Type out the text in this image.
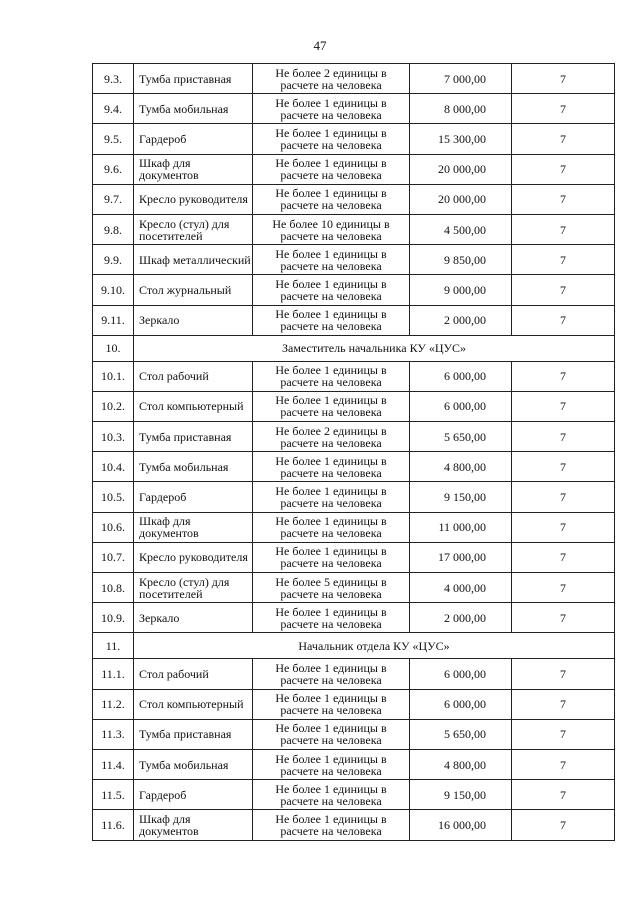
47
9.3.	Тумба приставная	Не более 2 единицы в расчете на человека	7 000,00	7
9.4.	Тумба мобильная	Не более 1 единицы в расчете на человека	8 000,00	7
9.5.	Гардероб	Не более 1 единицы в расчете на человека	15 300,00	7
9.6.	Шкаф для документов	Не более 1 единицы в расчете на человека	20 000,00	7
9.7.	Кресло руководителя	Не более 1 единицы в расчете на человека	20 000,00	7
9.8.	Кресло (стул) для посетителей	Не более 10 единицы в расчете на человека	4 500,00	7
9.9.	Шкаф металлический	Не более 1 единицы в расчете на человека	9 850,00	7
9.10.	Стол журнальный	Не более 1 единицы в расчете на человека	9 000,00	7
9.11.	Зеркало	Не более 1 единицы в расчете на человека	2 000,00	7
10.	Заместитель начальника КУ «ЦУС»			
10.1.	Стол рабочий	Не более 1 единицы в расчете на человека	6 000,00	7
10.2.	Стол компьютерный	Не более 1 единицы в расчете на человека	6 000,00	7
10.3.	Тумба приставная	Не более 2 единицы в расчете на человека	5 650,00	7
10.4.	Тумба мобильная	Не более 1 единицы в расчете на человека	4 800,00	7
10.5.	Гардероб	Не более 1 единицы в расчете на человека	9 150,00	7
10.6.	Шкаф для документов	Не более 1 единицы в расчете на человека	11 000,00	7
10.7.	Кресло руководителя	Не более 1 единицы в расчете на человека	17 000,00	7
10.8.	Кресло (стул) для посетителей	Не более 5 единицы в расчете на человека	4 000,00	7
10.9.	Зеркало	Не более 1 единицы в расчете на человека	2 000,00	7
11.	Начальник отдела КУ «ЦУС»			
11.1.	Стол рабочий	Не более 1 единицы в расчете на человека	6 000,00	7
11.2.	Стол компьютерный	Не более 1 единицы в расчете на человека	6 000,00	7
11.3.	Тумба приставная	Не более 1 единицы в расчете на человека	5 650,00	7
11.4.	Тумба мобильная	Не более 1 единицы в расчете на человека	4 800,00	7
11.5.	Гардероб	Не более 1 единицы в расчете на человека	9 150,00	7
11.6.	Шкаф для документов	Не более 1 единицы в расчете на человека	16 000,00	7
